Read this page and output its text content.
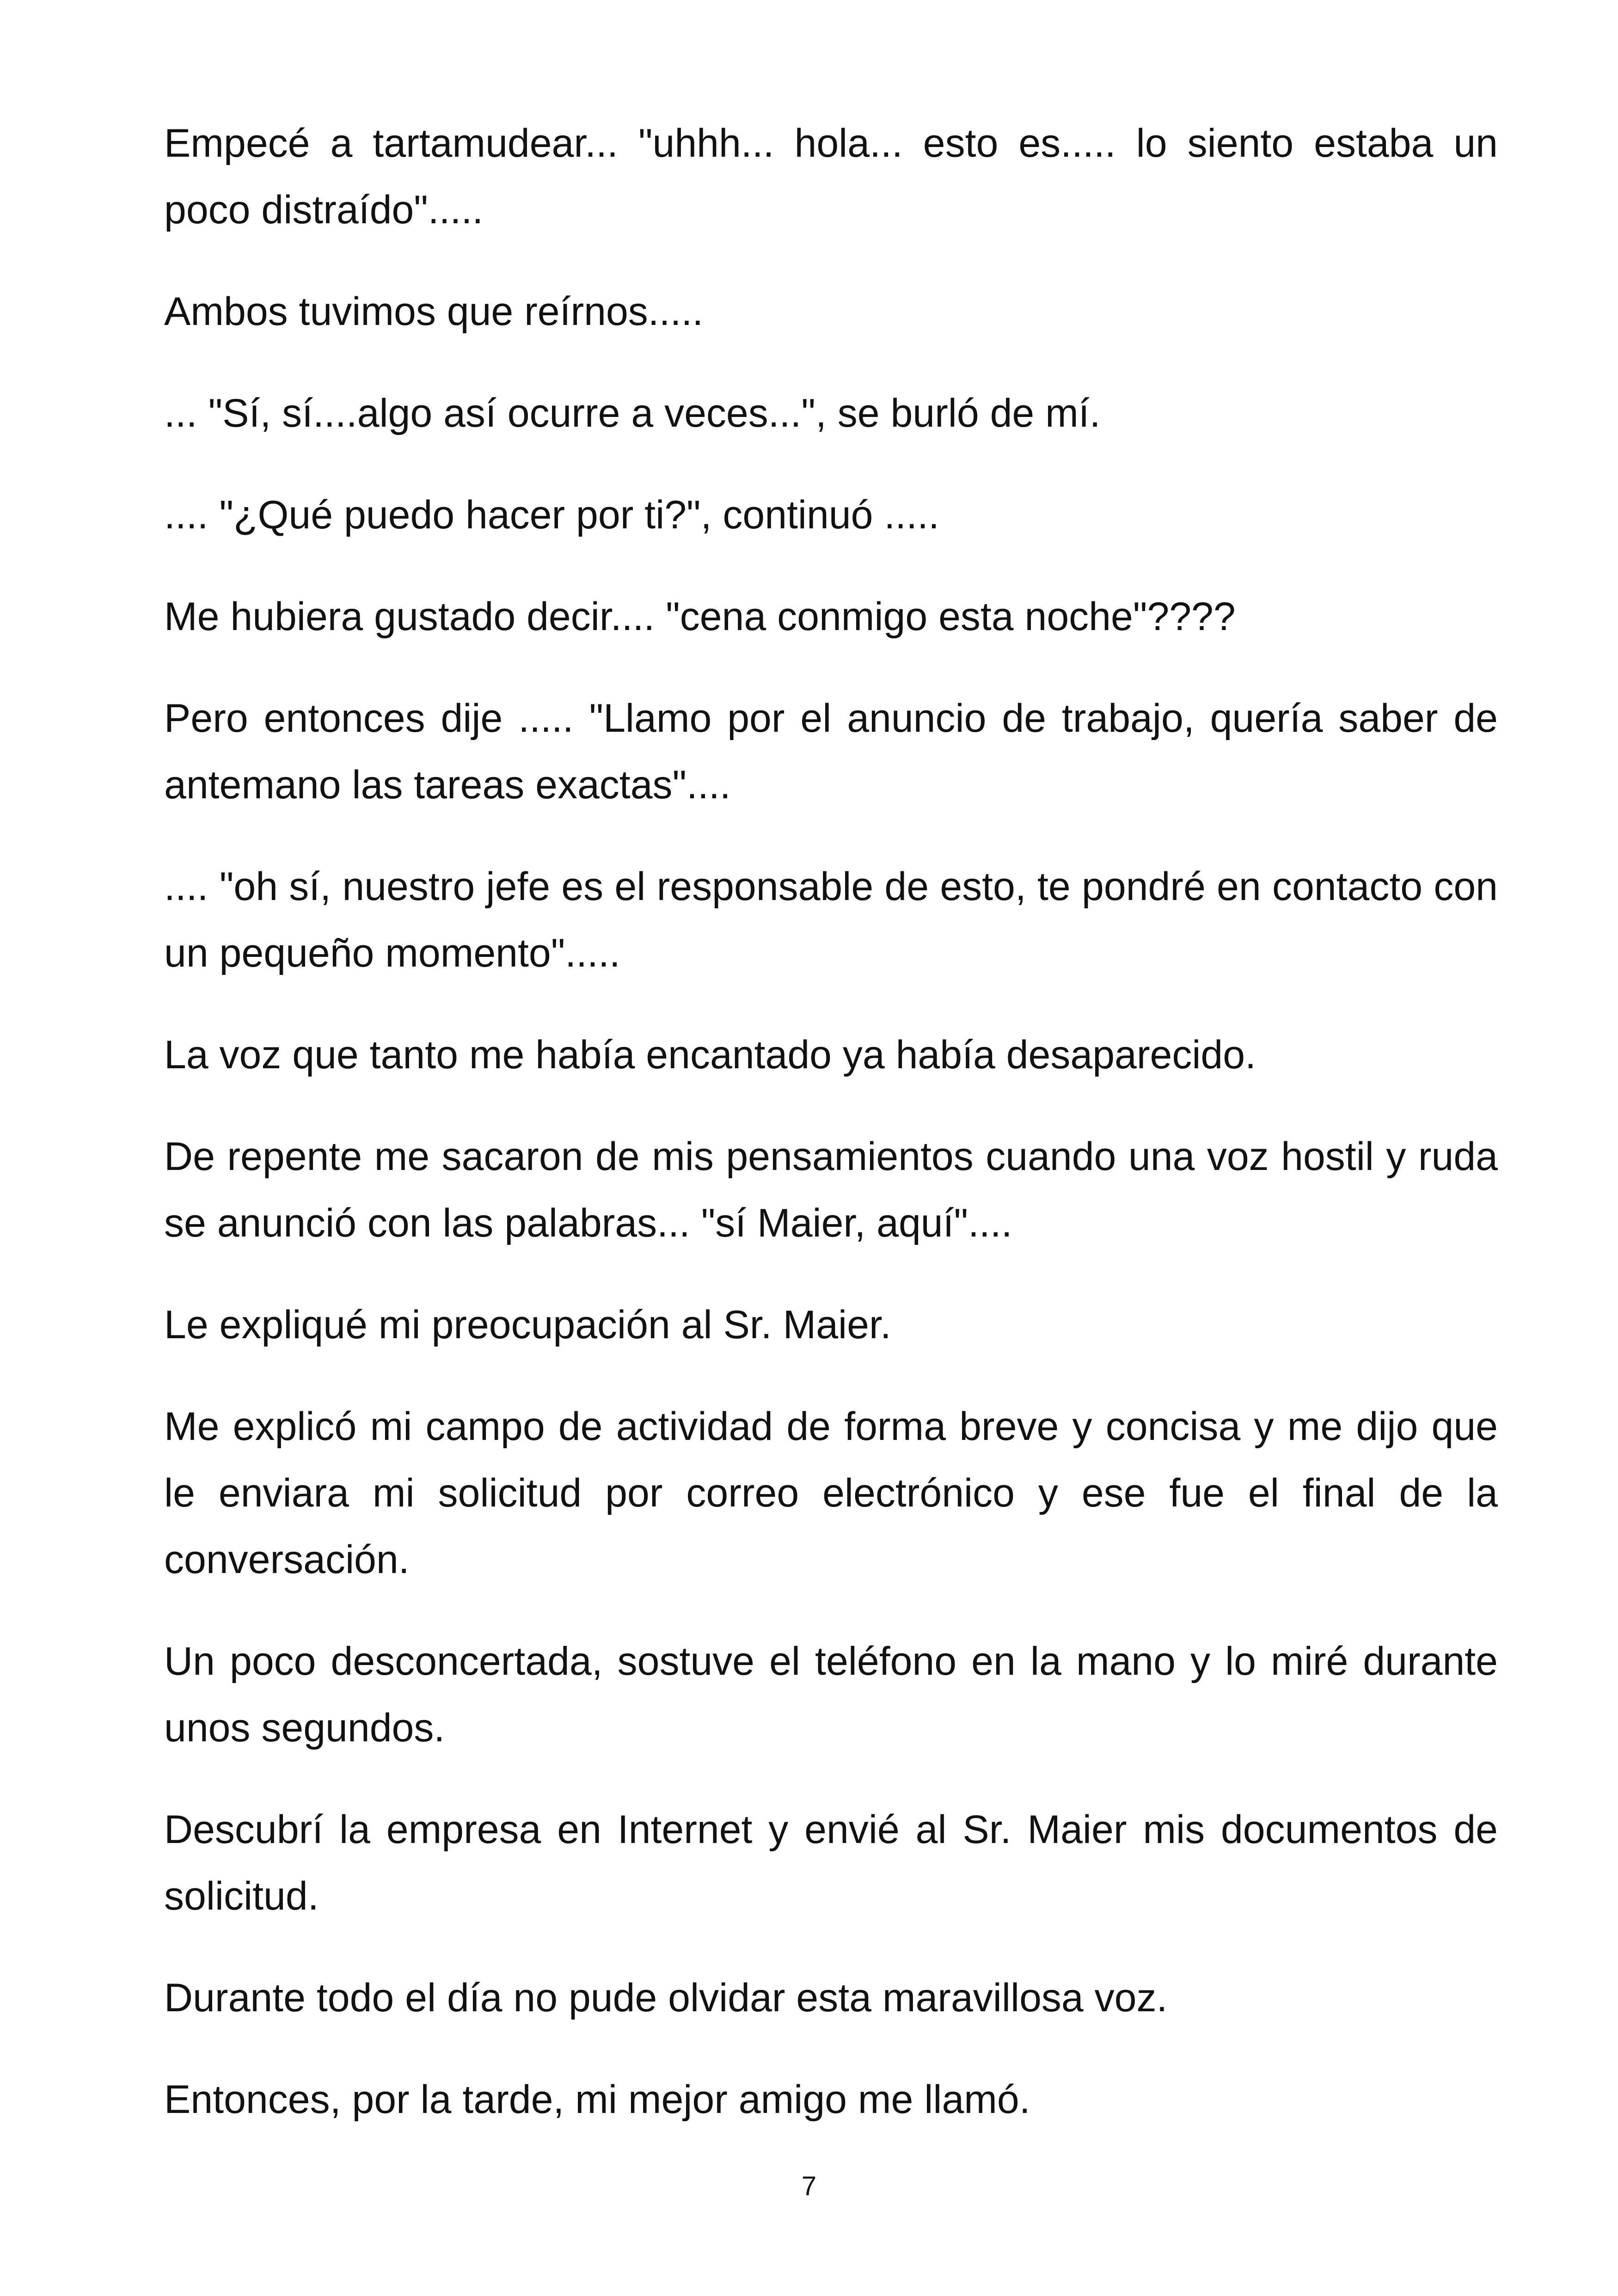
Empecé a tartamudear... "uhhh... hola... esto es..... lo siento estaba un poco distraído".....

Ambos tuvimos que reírnos.....

... "Sí, sí....algo así ocurre a veces...", se burló de mí.

.... "¿Qué puedo hacer por ti?", continuó .....

Me hubiera gustado decir.... "cena conmigo esta noche"????

Pero entonces dije ..... "Llamo por el anuncio de trabajo, quería saber de antemano las tareas exactas"....

.... "oh sí, nuestro jefe es el responsable de esto, te pondré en contacto con un pequeño momento".....

La voz que tanto me había encantado ya había desaparecido.

De repente me sacaron de mis pensamientos cuando una voz hostil y ruda se anunció con las palabras... "sí Maier, aquí"....

Le expliqué mi preocupación al Sr. Maier.

Me explicó mi campo de actividad de forma breve y concisa y me dijo que le enviara mi solicitud por correo electrónico y ese fue el final de la conversación.

Un poco desconcertada, sostuve el teléfono en la mano y lo miré durante unos segundos.

Descubrí la empresa en Internet y envié al Sr. Maier mis documentos de solicitud.

Durante todo el día no pude olvidar esta maravillosa voz.

Entonces, por la tarde, mi mejor amigo me llamó.

7
